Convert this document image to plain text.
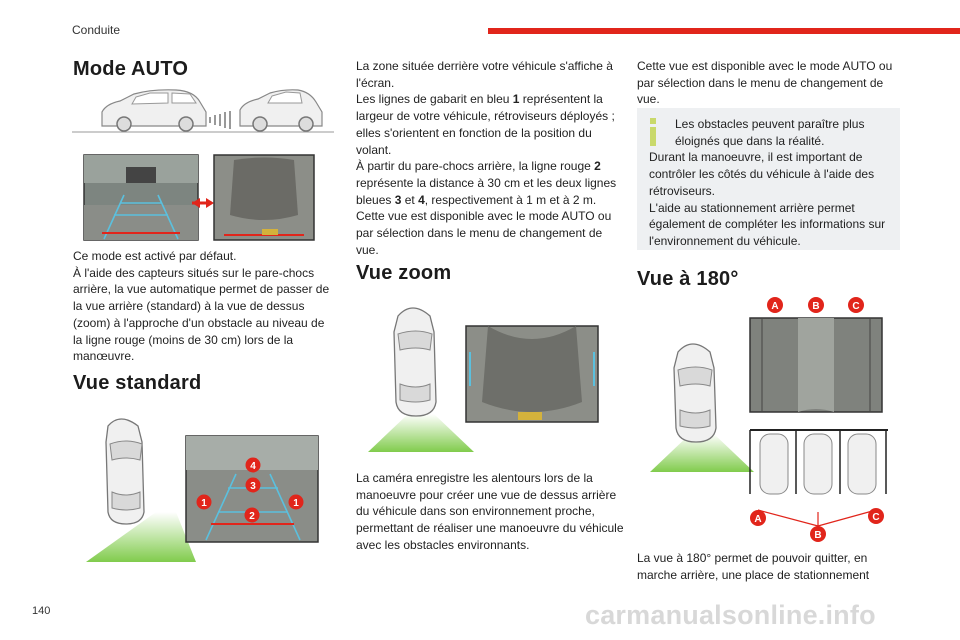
Conduite
140	carmanualsonline.info
Mode AUTO

Ce mode est activé par défaut.

À l'aide des capteurs situés sur le pare-chocs arrière, la vue automatique permet de passer de la vue arrière (standard) à la vue de dessus (zoom) à l'approche d'un obstacle au niveau de la ligne rouge (moins de 30 cm) lors de la manœuvre.

Vue standard
4
3
1
2
1

La zone située derrière votre véhicule s'affiche à l'écran.

Les lignes de gabarit en bleu 1 représentent la largeur de votre véhicule, rétroviseurs déployés ; elles s'orientent en fonction de la position du volant.

À partir du pare-chocs arrière, la ligne rouge 2 représente la distance à 30 cm et les deux lignes bleues 3 et 4, respectivement à 1 m et à 2 m.

Cette vue est disponible avec le mode AUTO ou par sélection dans le menu de changement de vue.

Vue zoom

La caméra enregistre les alentours lors de la manoeuvre pour créer une vue de dessus arrière du véhicule dans son environnement proche, permettant de réaliser une manoeuvre du véhicule avec les obstacles environnants.

Cette vue est disponible avec le mode AUTO ou par sélection dans le menu de changement de vue.

Les obstacles peuvent paraître plus éloignés que dans la réalité.

Durant la manoeuvre, il est important de contrôler les côtés du véhicule à l'aide des rétroviseurs.

L'aide au stationnement arrière permet également de compléter les informations sur l'environnement du véhicule.

Vue à 180°
A	B	C
A
B
C

La vue à 180° permet de pouvoir quitter, en marche arrière, une place de stationnement
